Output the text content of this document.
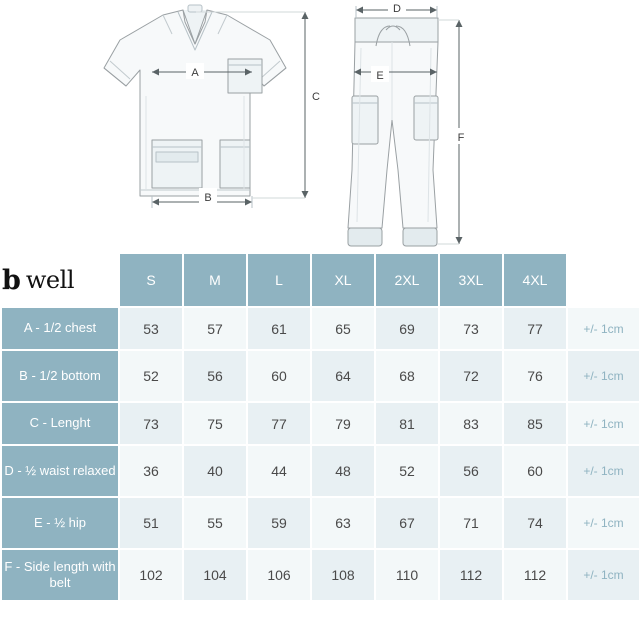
A
B
C
D
E
F
b well	S	M	L	XL	2XL	3XL	4XL	
A - 1/2 chest	53	57	61	65	69	73	77	+/- 1cm
B - 1/2 bottom	52	56	60	64	68	72	76	+/- 1cm
C - Lenght	73	75	77	79	81	83	85	+/- 1cm
D - ½ waist relaxed	36	40	44	48	52	56	60	+/- 1cm
E - ½ hip	51	55	59	63	67	71	74	+/- 1cm
F - Side length with belt	102	104	106	108	110	112	112	+/- 1cm
